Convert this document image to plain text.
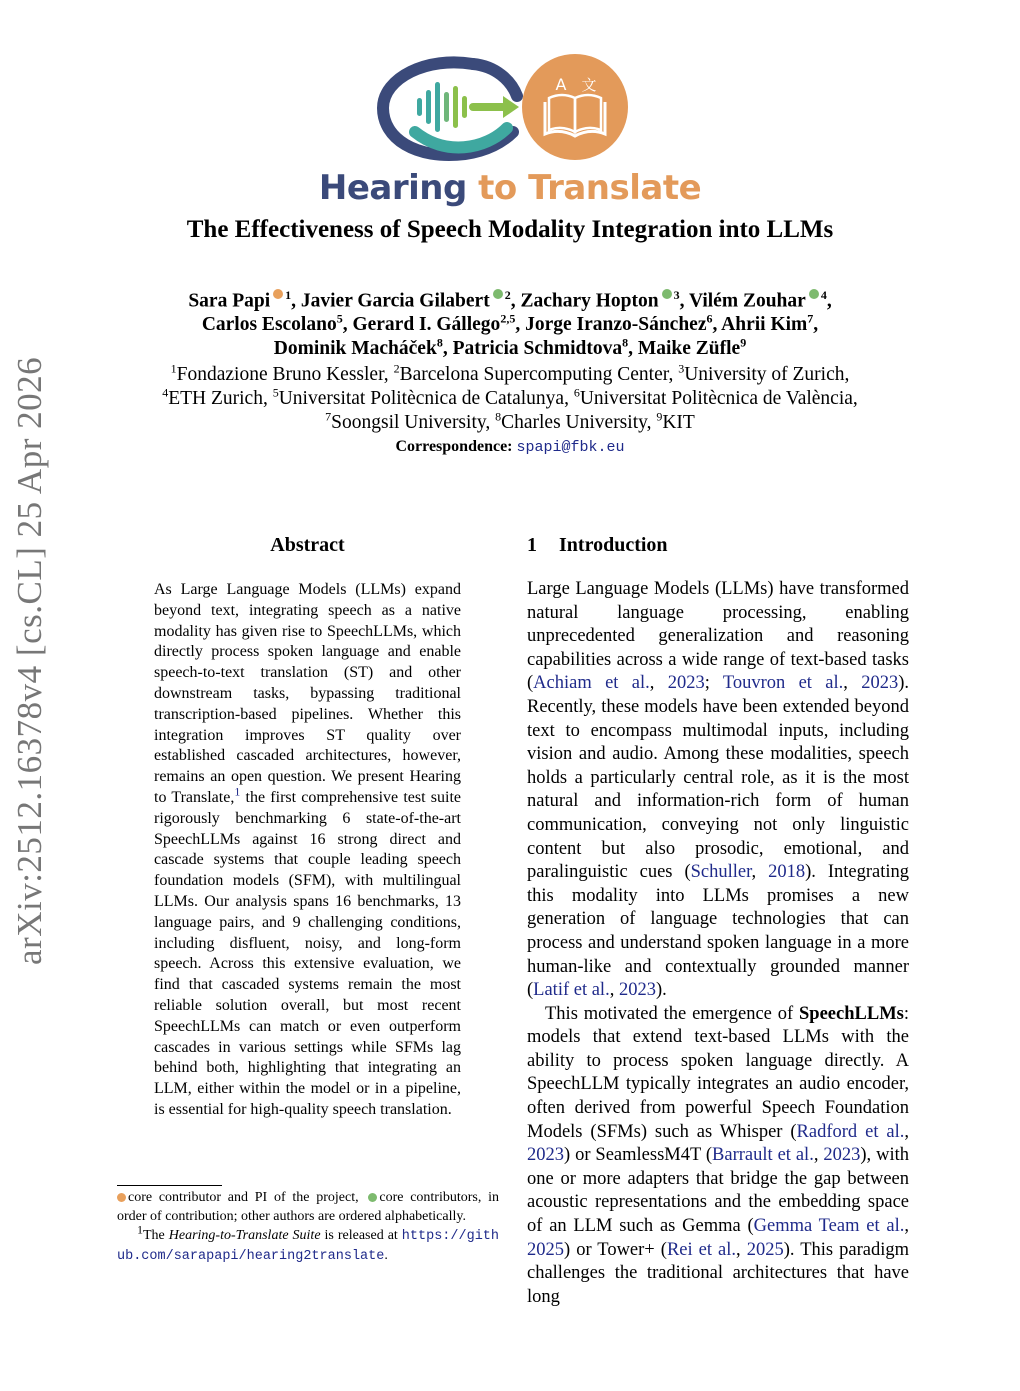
arXiv:2512.16378v4 [cs.CL] 25 Apr 2026
A 文
Hearing to Translate
The Effectiveness of Speech Modality Integration into LLMs
Sara Papi $^1$, Javier Garcia Gilabert $^2$, Zachary Hopton $^3$, Vilém Zouhar $^4$,
Carlos Escolano$^5$, Gerard I. Gállego$^{2,5}$, Jorge Iranzo-Sánchez$^6$, Ahrii Kim$^7$,
Dominik Macháček$^8$, Patricia Schmidtova$^8$, Maike Züfle$^9$
$^1$Fondazione Bruno Kessler, $^2$Barcelona Supercomputing Center, $^3$University of Zurich,
$^4$ETH Zurich, $^5$Universitat Politècnica de Catalunya, $^6$Universitat Politècnica de València,
$^7$Soongsil University, $^8$Charles University, $^9$KIT
Correspondence: spapi@fbk.eu
Abstract
As Large Language Models (LLMs) expand beyond text, integrating speech as a native modality has given rise to SpeechLLMs, which directly process spoken language and enable speech-to-text translation (ST) and other downstream tasks, bypassing traditional transcription-based pipelines. Whether this integration improves ST quality over established cascaded architectures, however, remains an open question. We present Hearing to Translate,$^1$ the first comprehensive test suite rigorously benchmarking 6 state-of-the-art SpeechLLMs against 16 strong direct and cascade systems that couple leading speech foundation models (SFM), with multilingual LLMs. Our analysis spans 16 benchmarks, 13 language pairs, and 9 challenging conditions, including disfluent, noisy, and long-form speech. Across this extensive evaluation, we find that cascaded systems remain the most reliable solution overall, but most recent SpeechLLMs can match or even outperform cascades in various settings while SFMs lag behind both, highlighting that integrating an LLM, either within the model or in a pipeline, is essential for high-quality speech translation.
core contributor and PI of the project, core contributors, in order of contribution; other authors are ordered alphabetically.
$^1$The Hearing-to-Translate Suite is released at https://github.com/sarapapi/hearing2translate.
1 Introduction

Large Language Models (LLMs) have transformed natural language processing, enabling unprecedented generalization and reasoning capabilities across a wide range of text-based tasks (Achiam et al., 2023; Touvron et al., 2023). Recently, these models have been extended beyond text to encompass multimodal inputs, including vision and audio. Among these modalities, speech holds a particularly central role, as it is the most natural and information-rich form of human communication, conveying not only linguistic content but also prosodic, emotional, and paralinguistic cues (Schuller, 2018). Integrating this modality into LLMs promises a new generation of language technologies that can process and understand spoken language in a more human-like and contextually grounded manner (Latif et al., 2023).

This motivated the emergence of SpeechLLMs: models that extend text-based LLMs with the ability to process spoken language directly. A SpeechLLM typically integrates an audio encoder, often derived from powerful Speech Foundation Models (SFMs) such as Whisper (Radford et al., 2023) or SeamlessM4T (Barrault et al., 2023), with one or more adapters that bridge the gap between acoustic representations and the embedding space of an LLM such as Gemma (Gemma Team et al., 2025) or Tower+ (Rei et al., 2025). This paradigm challenges the traditional architectures that have long
